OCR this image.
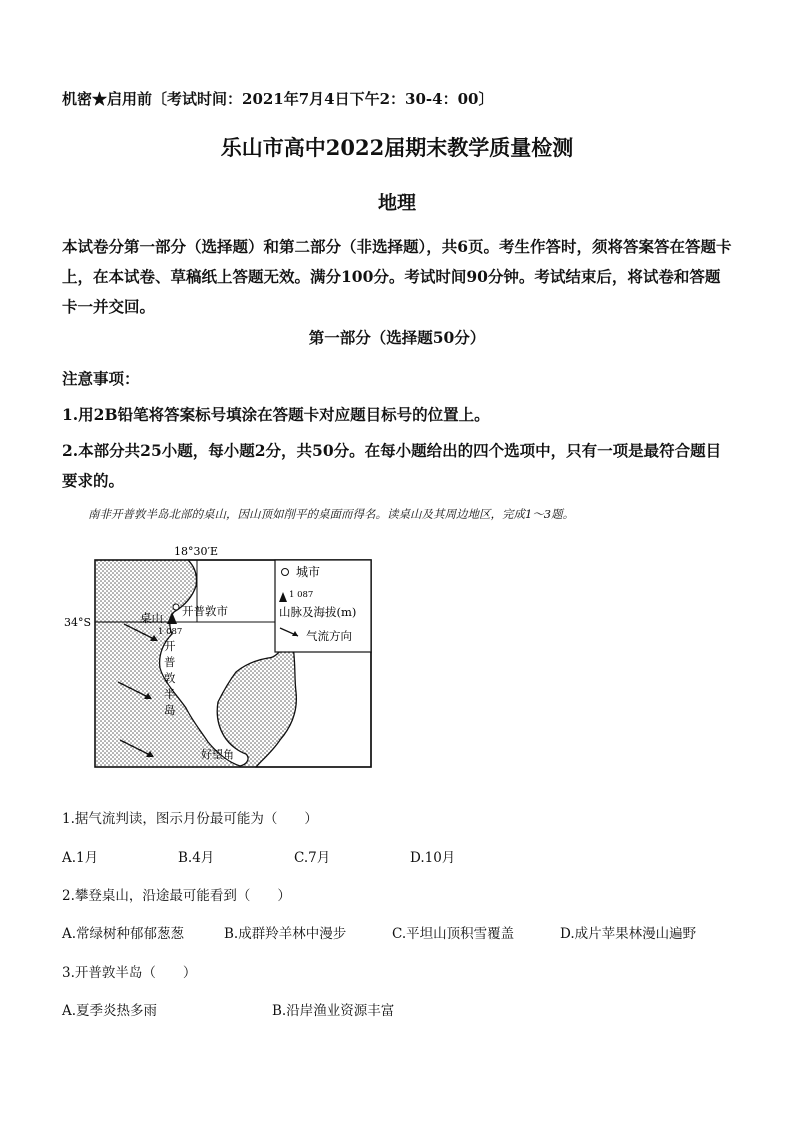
机密★启用前〔考试时间：2021年7月4日下午2：30-4：00〕
乐山市高中2022届期末教学质量检测
地理
本试卷分第一部分（选择题）和第二部分（非选择题），共6页。考生作答时，须将答案答在答题卡上，在本试卷、草稿纸上答题无效。满分100分。考试时间90分钟。考试结束后，将试卷和答题卡一并交回。
第一部分（选择题50分）
注意事项：
1.用2B铅笔将答案标号填涂在答题卡对应题目标号的位置上。
2.本部分共25小题，每小题2分，共50分。在每小题给出的四个选项中，只有一项是最符合题目要求的。
南非开普敦半岛北部的桌山，因山顶如削平的桌面而得名。读桌山及其周边地区，完成1～3题。
城市
1 087
山脉及海拔(m)
气流方向
桌山
1 087
开普敦市
开
普
敦
半
岛
好望角
18°30′E
34°S
1.据气流判读，图示月份最可能为（　　）
A.1月	B.4月	C.7月	D.10月
2.攀登桌山，沿途最可能看到（　　）
A.常绿树种郁郁葱葱	B.成群羚羊林中漫步	C.平坦山顶积雪覆盖	D.成片苹果林漫山遍野
3.开普敦半岛（　　）
A.夏季炎热多雨	B.沿岸渔业资源丰富
